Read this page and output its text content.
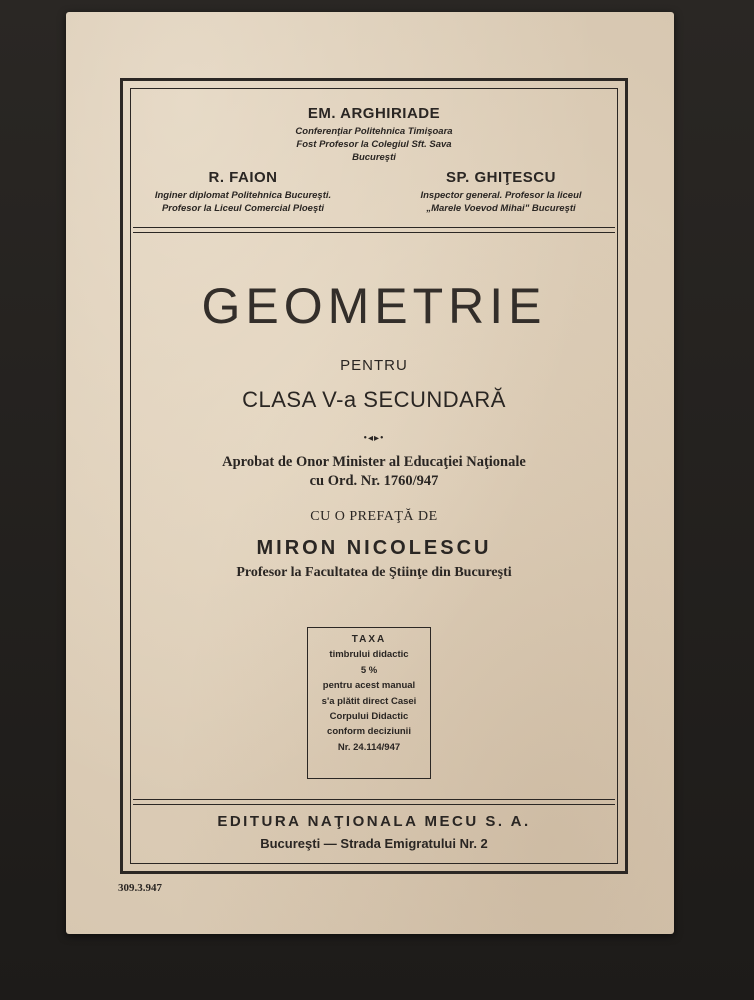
EM. ARGHIRIADE
Conferenţiar Politehnica Timişoara
Fost Profesor la Colegiul Sft. Sava
Bucureşti
R. FAION
Inginer diplomat Politehnica Bucureşti.
Profesor la Liceul Comercial Ploeşti
SP. GHIŢESCU
Inspector general. Profesor la liceul
„Marele Voevod Mihai" Bucureşti
GEOMETRIE
PENTRU
CLASA V-a SECUNDARĂ
•◂▸•
Aprobat de Onor Minister al Educaţiei Naţionale
cu Ord. Nr. 1760/947
CU O PREFAŢĂ DE
MIRON NICOLESCU
Profesor la Facultatea de Ştiinţe din Bucureşti
TAXA
timbrului didactic
5 %
pentru acest manual
s'a plătit direct Casei
Corpului Didactic
conform deciziunii
Nr. 24.114/947
EDITURA NAŢIONALA MECU S. A.
Bucureşti — Strada Emigratului Nr. 2
309.3.947
